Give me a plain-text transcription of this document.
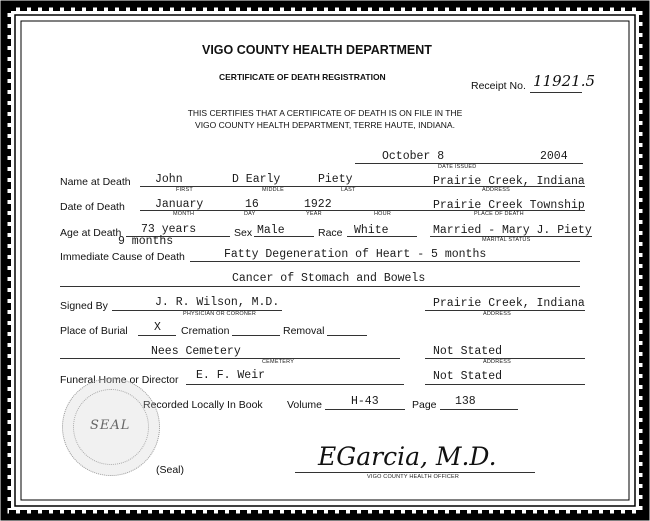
VIGO COUNTY HEALTH DEPARTMENT
CERTIFICATE OF DEATH REGISTRATION
Receipt No. 11921.5
THIS CERTIFIES THAT A CERTIFICATE OF DEATH IS ON FILE IN THE
VIGO COUNTY HEALTH DEPARTMENT, TERRE HAUTE, INDIANA.
October 8	2004
DATE ISSUED
Name at Death John	D Early	Piety	Prairie Creek, Indiana
FIRST	MIDDLE	LAST	ADDRESS
Date of Death	January	16	1922	Prairie Creek Township
MONTH	DAY	YEAR	HOUR	PLACE OF DEATH
Age at Death 73 years
9 months
Sex Male	Race White	Married - Mary J. Piety
MARITAL STATUS
Immediate Cause of Death	Fatty Degeneration of Heart - 5 months
Cancer of Stomach and Bowels
Signed By	J. R. Wilson, M.D.
PHYSICIAN OR CORONER
Prairie Creek, Indiana
ADDRESS
Place of Burial X Cremation	Removal
Nees Cemetery
CEMETERY
Not Stated
ADDRESS
Funeral Home or Director E. F. Weir	Not Stated
Recorded Locally In Book Volume	H-43	Page 138
SEAL
(Seal)	EGarcia, M.D.
VIGO COUNTY HEALTH OFFICER
